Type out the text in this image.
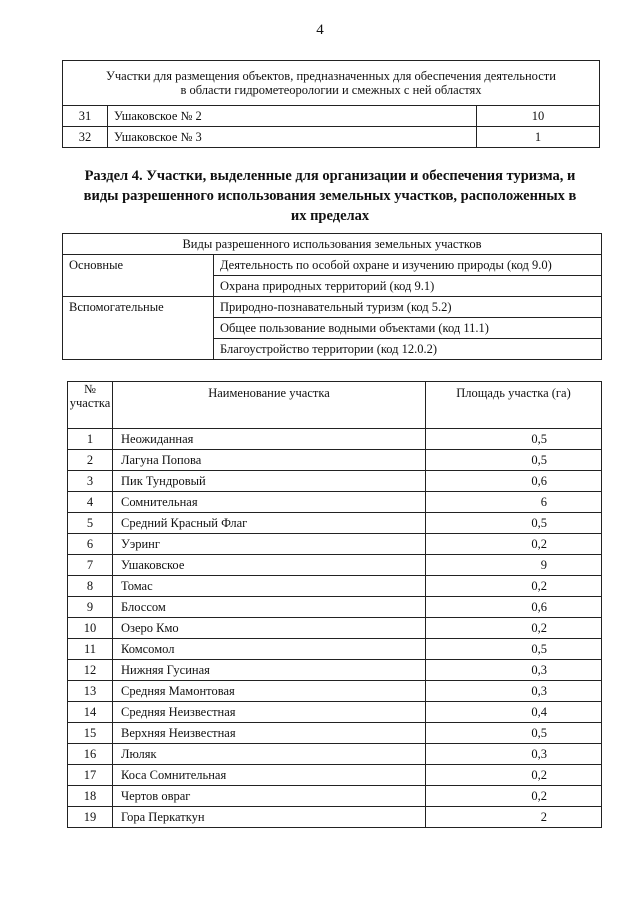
4
Участки для размещения объектов, предназначенных для обеспечения деятельности в области гидрометеорологии и смежных с ней областях		
31	Ушаковское № 2	10
32	Ушаковское № 3	1
Раздел 4. Участки, выделенные для организации и обеспечения туризма, и виды разрешенного использования земельных участков, расположенных в их пределах
Виды разрешенного использования земельных участков	
Основные	Деятельность по особой охране и изучению природы (код 9.0)
	Охрана природных территорий (код 9.1)
Вспомогательные	Природно-познавательный туризм (код 5.2)
	Общее пользование водными объектами (код 11.1)
	Благоустройство территории (код 12.0.2)
№ участка	Наименование участка	Площадь участка (га)
1	Неожиданная	0,5
2	Лагуна Попова	0,5
3	Пик Тундровый	0,6
4	Сомнительная	6
5	Средний Красный Флаг	0,5
6	Уэринг	0,2
7	Ушаковское	9
8	Томас	0,2
9	Блоссом	0,6
10	Озеро Кмо	0,2
11	Комсомол	0,5
12	Нижняя Гусиная	0,3
13	Средняя Мамонтовая	0,3
14	Средняя Неизвестная	0,4
15	Верхняя Неизвестная	0,5
16	Люляк	0,3
17	Коса Сомнительная	0,2
18	Чертов овраг	0,2
19	Гора Перкаткун	2
